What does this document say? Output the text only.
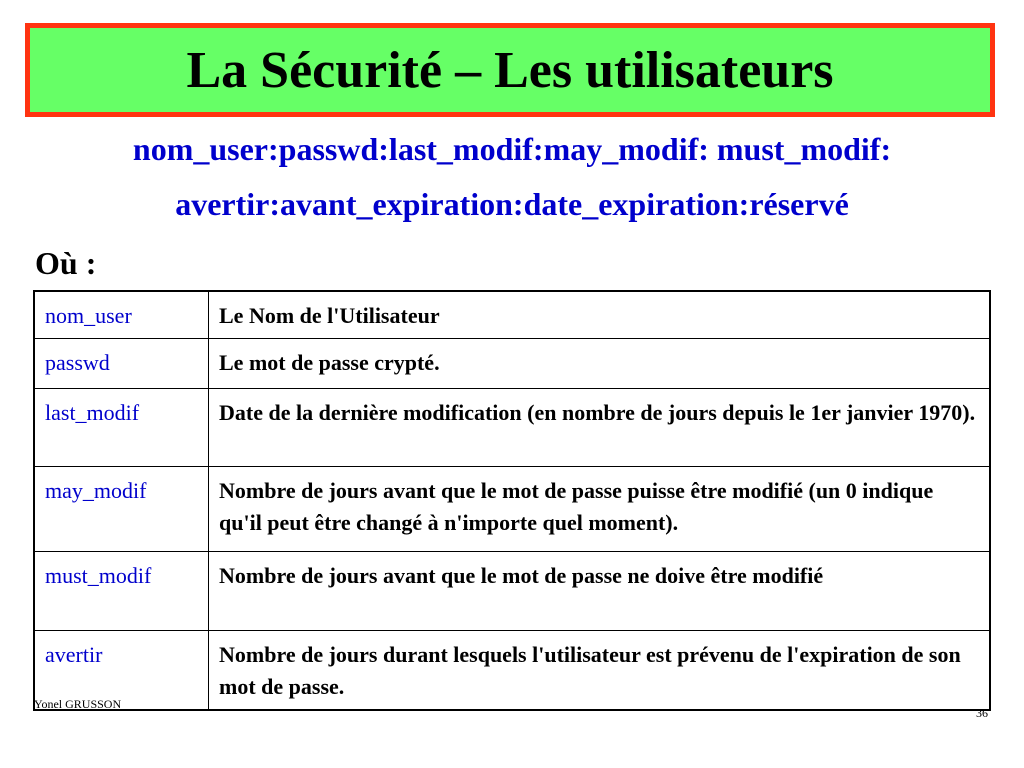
La Sécurité – Les utilisateurs

nom_user:passwd:last_modif:may_modif: must_modif:

avertir:avant_expiration:date_expiration:réservé

Où :

nom_user	Le Nom de l'Utilisateur
passwd	Le mot de passe crypté.
last_modif	Date de la dernière modification (en nombre de jours depuis le 1er janvier 1970).
may_modif	Nombre de jours avant que le mot de passe puisse être modifié (un 0 indique qu'il peut être changé à n'importe quel moment).
must_modif	Nombre de jours avant que le mot de passe ne doive être modifié
avertir	Nombre de jours durant lesquels l'utilisateur est prévenu de l'expiration de son mot de passe.
Yonel GRUSSON
36
